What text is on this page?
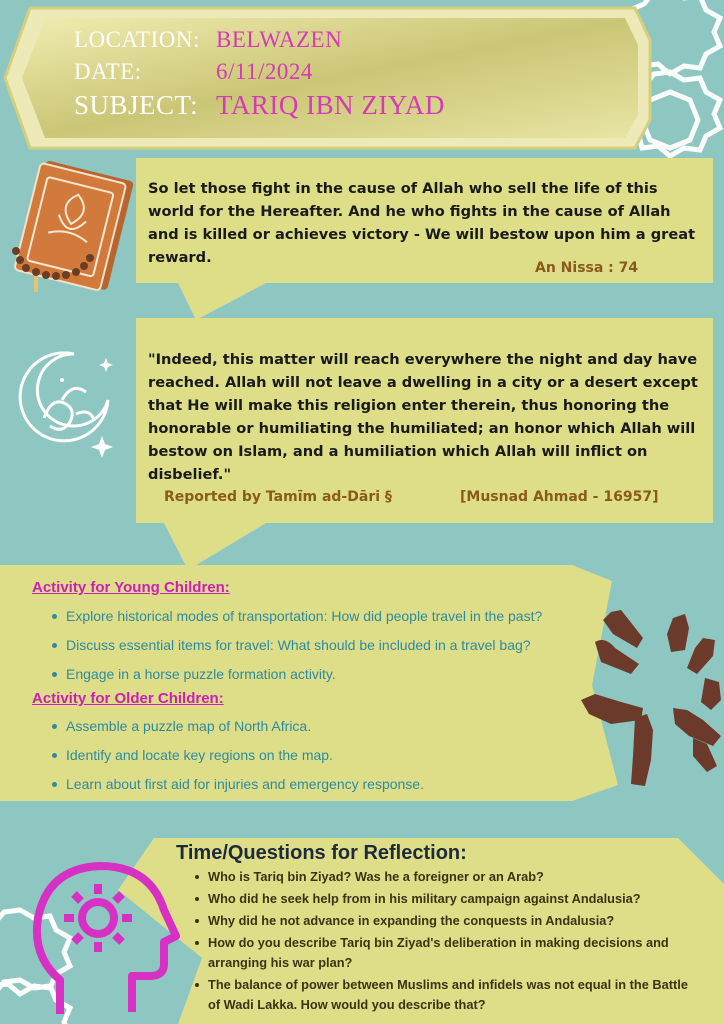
LOCATION: BELWAZEN
DATE:	6/11/2024
SUBJECT: TARIQ IBN ZIYAD
So let those fight in the cause of Allah who sell the life of this world for the Hereafter. And he who fights in the cause of Allah and is killed or achieves victory - We will bestow upon him a great reward.
An Nissa : 74
"Indeed, this matter will reach everywhere the night and day have reached. Allah will not leave a dwelling in a city or a desert except that He will make this religion enter therein, thus honoring the honorable or humiliating the humiliated; an honor which Allah will bestow on Islam, and a humiliation which Allah will inflict on disbelief."
Reported by Tamīm ad-Dāri §	[Musnad Ahmad - 16957]
Activity for Young Children:
Explore historical modes of transportation: How did people travel in the past?
Discuss essential items for travel: What should be included in a travel bag?
Engage in a horse puzzle formation activity.
Activity for Older Children:
Assemble a puzzle map of North Africa.
Identify and locate key regions on the map.
Learn about first aid for injuries and emergency response.
Time/Questions for Reflection:
Who is Tariq bin Ziyad? Was he a foreigner or an Arab?
Who did he seek help from in his military campaign against Andalusia?
Why did he not advance in expanding the conquests in Andalusia?
How do you describe Tariq bin Ziyad's deliberation in making decisions and arranging his war plan?
The balance of power between Muslims and infidels was not equal in the Battle of Wadi Lakka. How would you describe that?
